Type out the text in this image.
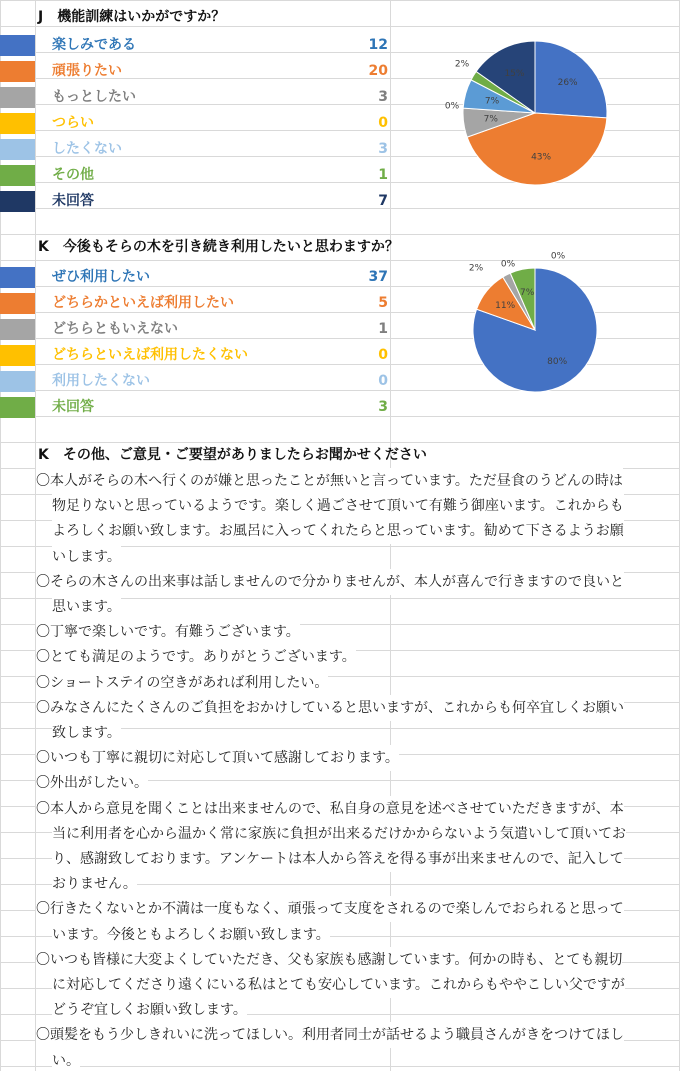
J　機能訓練はいかがですか？
楽しみである	12
頑張りたい	20
もっとしたい	3
つらい	0
したくない	3
その他	1
未回答	7
K　今後もそらの木を引き続き利用したいと思わますか？
ぜひ利用したい	37
どちらかといえば利用したい	5
どちらともいえない	1
どちらといえば利用したくない	0
利用したくない	0
未回答	3
26%
43%
7%
0%
7%
2%
15%
80%
11%
2% 0%
0%
7%
K　その他、ご意見・ご要望がありましたらお聞かせください
〇本人がそらの木へ行くのが嫌と思ったことが無いと言っています。ただ昼食のうどんの時は
物足りないと思っているようです。楽しく過ごさせて頂いて有難う御座います。これからも
よろしくお願い致します。お風呂に入ってくれたらと思っています。勧めて下さるようお願
いします。
〇そらの木さんの出来事は話しませんので分かりませんが、本人が喜んで行きますので良いと
思います。
〇丁寧で楽しいです。有難うございます。
〇とても満足のようです。ありがとうございます。
〇ショートステイの空きがあれば利用したい。
〇みなさんにたくさんのご負担をおかけしていると思いますが、これからも何卒宜しくお願い
致します。
〇いつも丁寧に親切に対応して頂いて感謝しております。
〇外出がしたい。
〇本人から意見を聞くことは出来ませんので、私自身の意見を述べさせていただきますが、本
当に利用者を心から温かく常に家族に負担が出来るだけかからないよう気遣いして頂いてお
り、感謝致しております。アンケートは本人から答えを得る事が出来ませんので、記入して
おりません。
〇行きたくないとか不満は一度もなく、頑張って支度をされるので楽しんでおられると思って
います。今後ともよろしくお願い致します。
〇いつも皆様に大変よくしていただき、父も家族も感謝しています。何かの時も、とても親切
に対応してくださり遠くにいる私はとても安心しています。これからもややこしい父ですが
どうぞ宜しくお願い致します。
〇頭髪をもう少しきれいに洗ってほしい。利用者同士が話せるよう職員さんがきをつけてほし
い。
